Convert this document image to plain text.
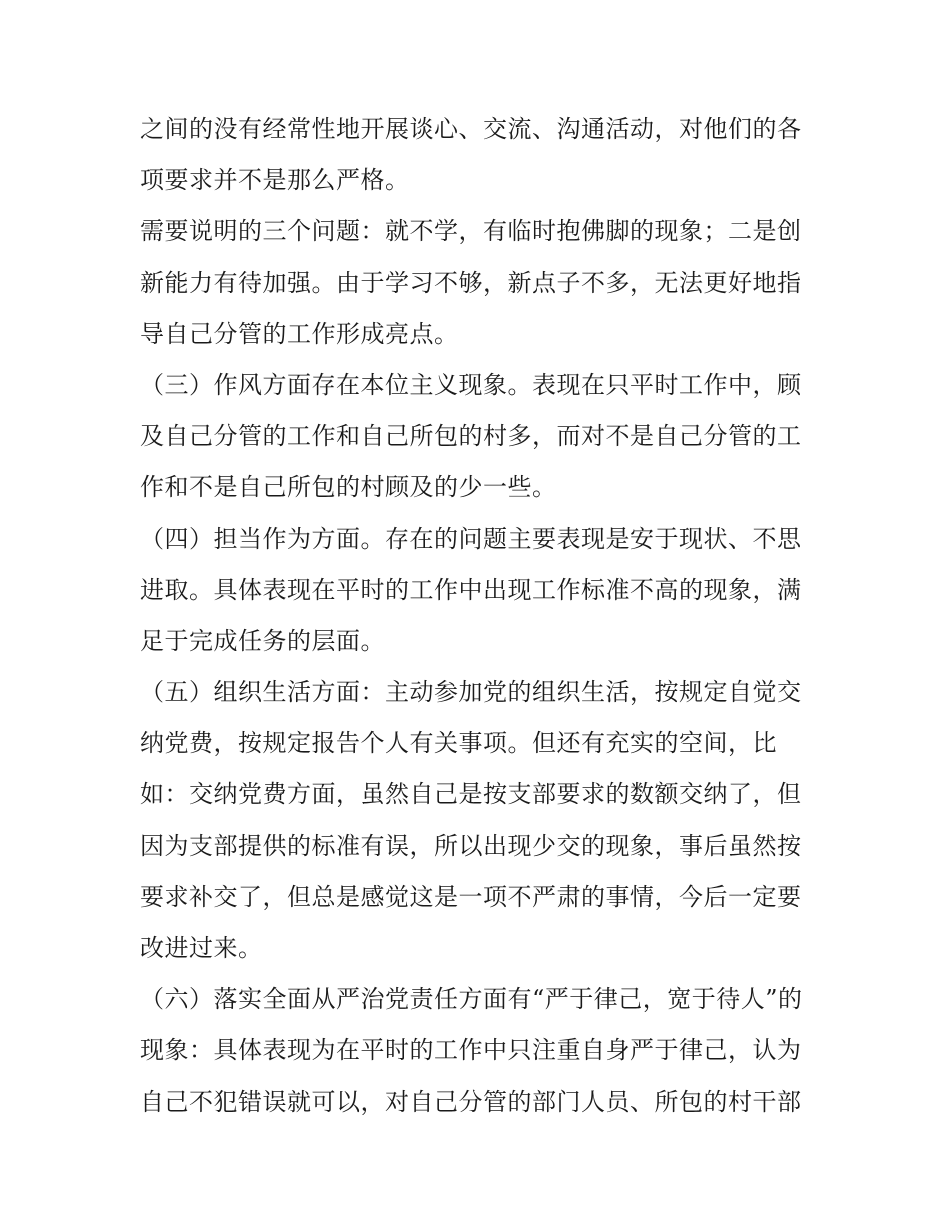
之间的没有经常性地开展谈心、交流、沟通活动，对他们的各
项要求并不是那么严格。
需要说明的三个问题：就不学，有临时抱佛脚的现象；二是创
新能力有待加强。由于学习不够，新点子不多，无法更好地指
导自己分管的工作形成亮点。
（三）作风方面存在本位主义现象。表现在只平时工作中，顾
及自己分管的工作和自己所包的村多，而对不是自己分管的工
作和不是自己所包的村顾及的少一些。
（四）担当作为方面。存在的问题主要表现是安于现状、不思
进取。具体表现在平时的工作中出现工作标准不高的现象，满
足于完成任务的层面。
（五）组织生活方面：主动参加党的组织生活，按规定自觉交
纳党费，按规定报告个人有关事项。但还有充实的空间，比
如：交纳党费方面，虽然自己是按支部要求的数额交纳了，但
因为支部提供的标准有误，所以出现少交的现象，事后虽然按
要求补交了，但总是感觉这是一项不严肃的事情，今后一定要
改进过来。
（六）落实全面从严治党责任方面有“严于律己，宽于待人”的
现象：具体表现为在平时的工作中只注重自身严于律己，认为
自己不犯错误就可以，对自己分管的部门人员、所包的村干部
